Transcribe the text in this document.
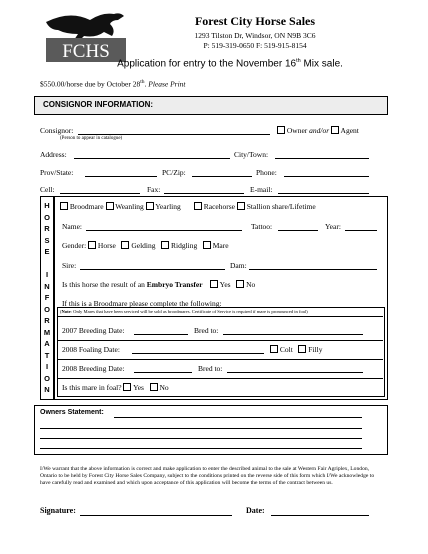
FCHS
Forest City Horse Sales
1293 Tilston Dr, Windsor, ON N9B 3C6
P: 519-319-0650 F: 519-915-8154
Application for entry to the November 16th Mix sale.
$550.00/horse due by October 28th. Please Print
CONSIGNOR INFORMATION:
Consignor:
(Person to appear in catalogue)
Owner and/or Agent
Address:	City/Town:
Prov/State:	PC/Zip:	Phone:
Cell:	Fax:	E-mail:
H
O
R
S
E
I
N
F
O
R
M
A
T
I
O
N
Broodmare  Weanling  Yearling	Racehorse  Stallion share/Lifetime
Name:	Tattoo:	Year:
Gender:  Horse    Gelding    Ridgling    Mare
Sire:	Dam:
Is this horse the result of an Embryo Transfer Yes No
If this is a Broodmare please complete the following:
(Note: Only Mares that have been serviced will be sold as broodmares. Certificate of Service is required if mare is pronounced in foal)
2007 Breeding Date:	Bred to:
2008 Foaling Date:	Colt Filly
2008 Breeding Date:	Bred to:
Is this mare in foal? Yes No
Owners Statement:
I/We warrant that the above information is correct and make application to enter the described animal to the sale at Western Fair Agriplex, London, Ontario to be held by Forest City Horse Sales Company, subject to the conditions printed on the reverse side of this form which I/We acknowledge to have carefully read and examined and which upon acceptance of this application will become the terms of the contract between us.
Signature:	Date:
